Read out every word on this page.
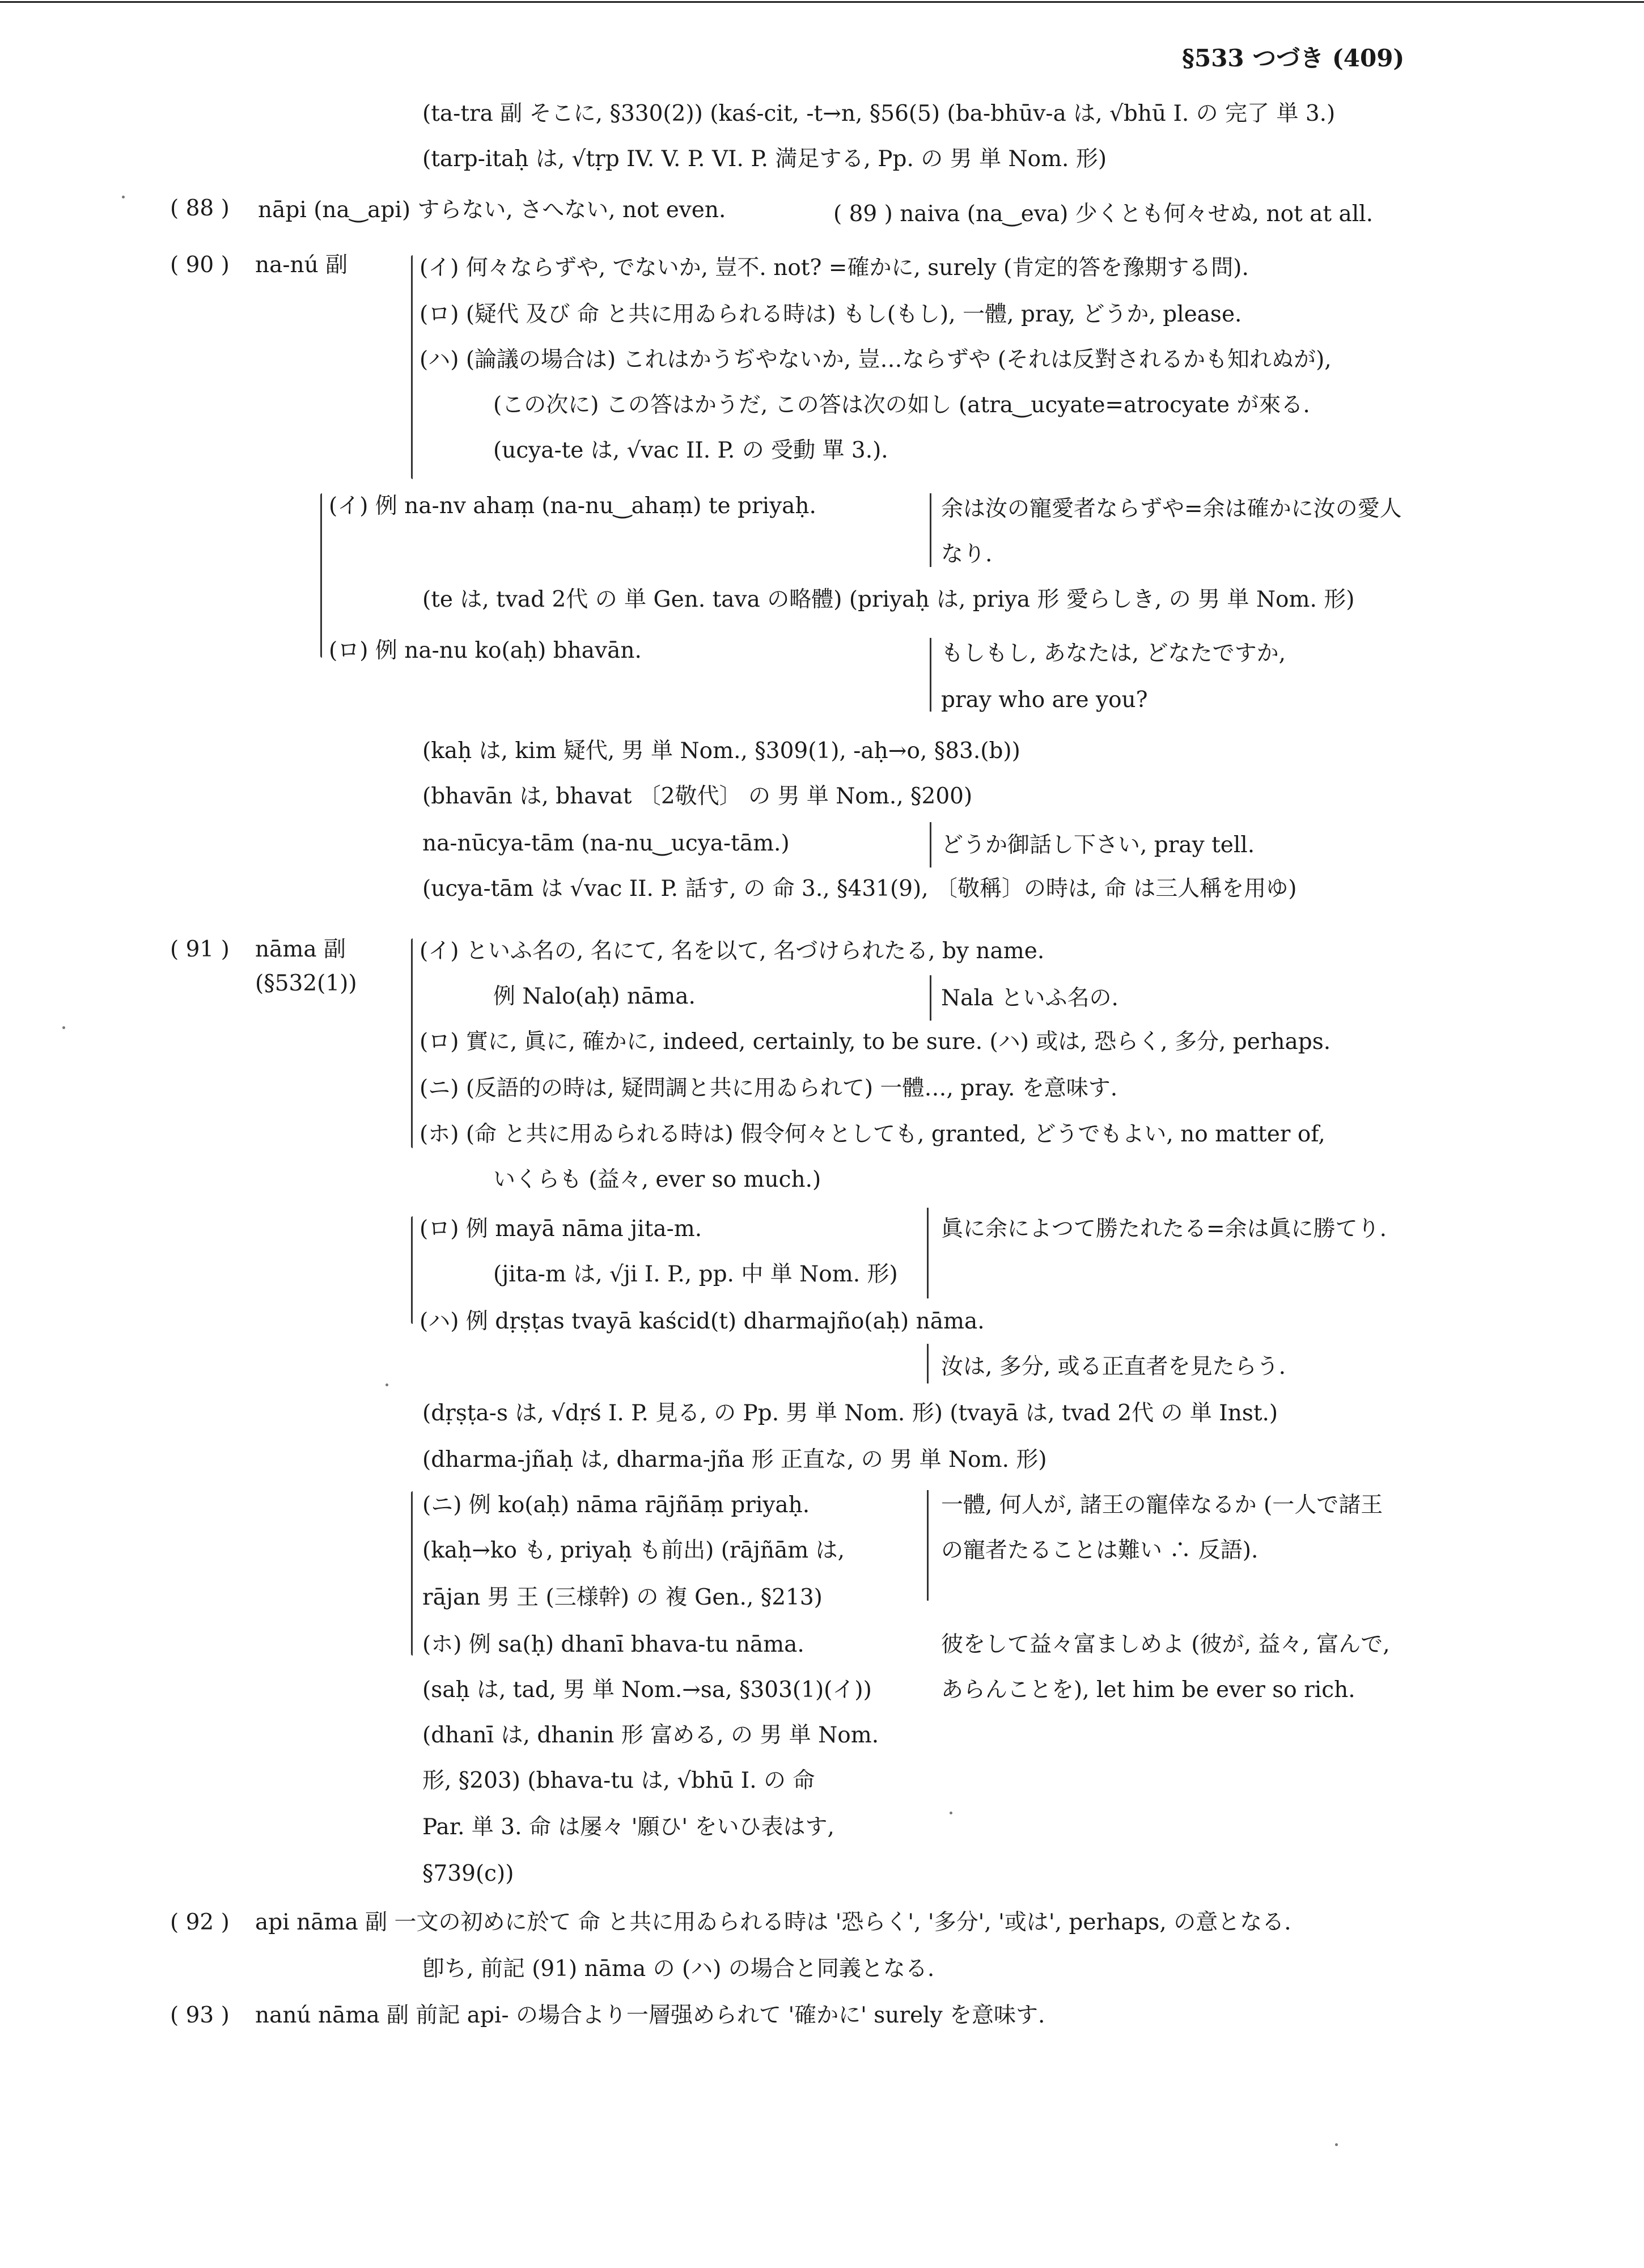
§533 つづき (409)
(ta-tra 副 そこに, §330(2)) (kaś-cit, -t→n, §56(5) (ba-bhūv-a は, √bhū I. の 完了 単 3.)
(tarp-itaḥ は, √tṛp IV. V. P. VI. P. 満足する, Pp. の 男 単 Nom. 形)
( 88 ) nāpi (na‿api) すらない, さへない, not even.	( 89 ) naiva (na‿eva) 少くとも何々せぬ, not at all.
( 90 ) na-nú 副	(イ) 何々ならずや, でないか, 豈不. not? =確かに, surely (肯定的答を豫期する問).
(ロ) (疑代 及び 命 と共に用ゐられる時は) もし(もし), 一體, pray, どうか, please.
(ハ) (論議の場合は) これはかうぢやないか, 豈…ならずや (それは反對されるかも知れぬが),
(この次に) この答はかうだ, この答は次の如し (atra‿ucyate=atrocyate が來る.
(ucya-te は, √vac II. P. の 受動 單 3.).
(イ) 例 na-nv ahaṃ (na-nu‿ahaṃ) te priyaḥ.	余は汝の寵愛者ならずや=余は確かに汝の愛人
なり.
(te は, tvad 2代 の 単 Gen. tava の略體) (priyaḥ は, priya 形 愛らしき, の 男 単 Nom. 形)
(ロ) 例 na-nu ko(aḥ) bhavān.	もしもし, あなたは, どなたですか,
pray who are you?
(kaḥ は, kim 疑代, 男 単 Nom., §309(1), -aḥ→o, §83.(b))
(bhavān は, bhavat 〔2敬代〕 の 男 単 Nom., §200)
na-nūcya-tām (na-nu‿ucya-tām.)	どうか御話し下さい, pray tell.
(ucya-tām は √vac II. P. 話す, の 命 3., §431(9), 〔敬稱〕の時は, 命 は三人稱を用ゆ)
( 91 ) nāma 副
(§532(1))
(イ) といふ名の, 名にて, 名を以て, 名づけられたる, by name.
例 Nalo(aḥ) nāma.	Nala といふ名の.
(ロ) 實に, 眞に, 確かに, indeed, certainly, to be sure. (ハ) 或は, 恐らく, 多分, perhaps.
(ニ) (反語的の時は, 疑問調と共に用ゐられて) 一體…, pray. を意味す.
(ホ) (命 と共に用ゐられる時は) 假令何々としても, granted, どうでもよい, no matter of,
いくらも (益々, ever so much.)
(ロ) 例 mayā nāma jita-m.	眞に余によつて勝たれたる=余は眞に勝てり.
(jita-m は, √ji I. P., pp. 中 単 Nom. 形)
(ハ) 例 dṛṣṭas tvayā kaścid(t) dharmajño(aḥ) nāma.
汝は, 多分, 或る正直者を見たらう.
(dṛṣṭa-s は, √dṛś I. P. 見る, の Pp. 男 単 Nom. 形) (tvayā は, tvad 2代 の 単 Inst.)
(dharma-jñaḥ は, dharma-jña 形 正直な, の 男 単 Nom. 形)
(ニ) 例 ko(aḥ) nāma rājñāṃ priyaḥ.	一體, 何人が, 諸王の寵倖なるか (一人で諸王
(kaḥ→ko も, priyaḥ も前出) (rājñām は,	の寵者たることは難い ∴ 反語).
rājan 男 王 (三様幹) の 複 Gen., §213)
(ホ) 例 sa(ḥ) dhanī bhava-tu nāma.	彼をして益々富ましめよ (彼が, 益々, 富んで,
(saḥ は, tad, 男 単 Nom.→sa, §303(1)(イ))	あらんことを), let him be ever so rich.
(dhanī は, dhanin 形 富める, の 男 単 Nom.
形, §203) (bhava-tu は, √bhū I. の 命
Par. 単 3. 命 は屡々 '願ひ' をいひ表はす,
§739(c))
( 92 ) api nāma 副 一文の初めに於て 命 と共に用ゐられる時は '恐らく', '多分', '或は', perhaps, の意となる.
卽ち, 前記 (91) nāma の (ハ) の場合と同義となる.
( 93 ) nanú nāma 副 前記 api- の場合より一層强められて '確かに' surely を意味す.
